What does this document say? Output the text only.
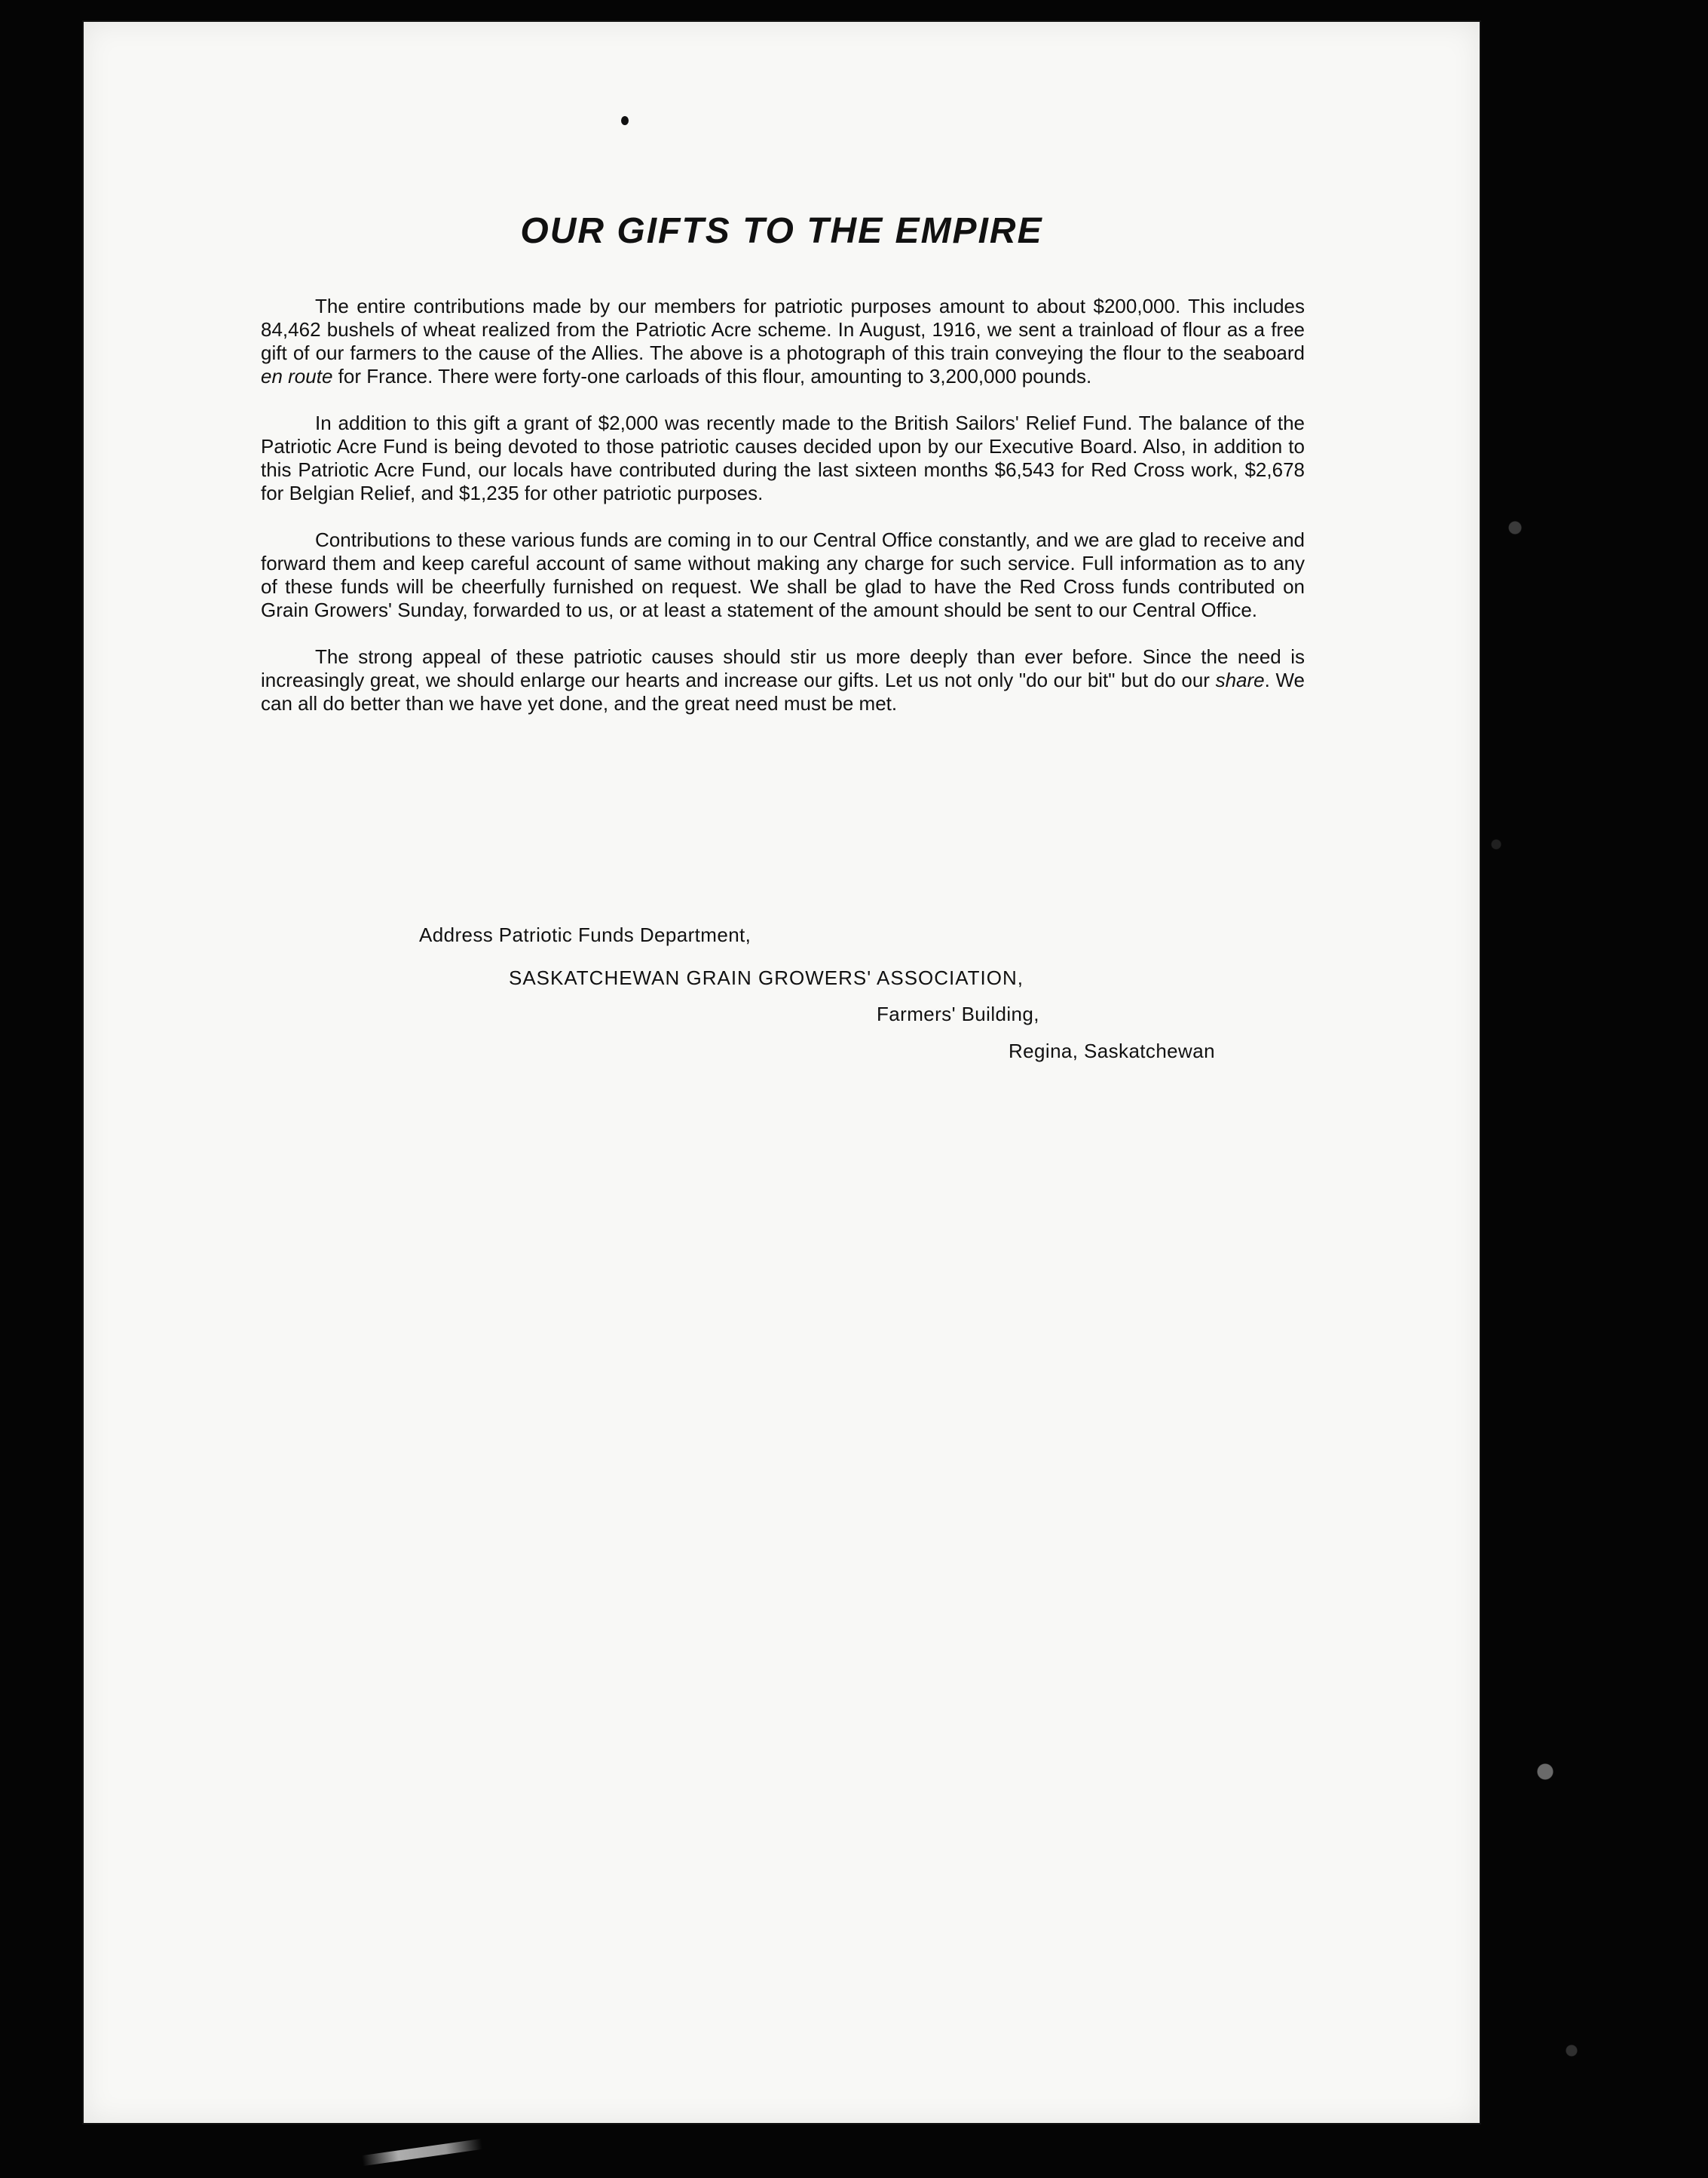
OUR GIFTS TO THE EMPIRE

The entire contributions made by our members for patriotic purposes amount to about $200,000. This includes 84,462 bushels of wheat realized from the Patriotic Acre scheme. In August, 1916, we sent a trainload of flour as a free gift of our farmers to the cause of the Allies. The above is a photograph of this train conveying the flour to the seaboard en route for France. There were forty-one carloads of this flour, amounting to 3,200,000 pounds.

In addition to this gift a grant of $2,000 was recently made to the British Sailors' Relief Fund. The balance of the Patriotic Acre Fund is being devoted to those patriotic causes decided upon by our Executive Board. Also, in addition to this Patriotic Acre Fund, our locals have contributed during the last sixteen months $6,543 for Red Cross work, $2,678 for Belgian Relief, and $1,235 for other patriotic purposes.

Contributions to these various funds are coming in to our Central Office constantly, and we are glad to receive and forward them and keep careful account of same without making any charge for such service. Full information as to any of these funds will be cheerfully furnished on request. We shall be glad to have the Red Cross funds contributed on Grain Growers' Sunday, forwarded to us, or at least a statement of the amount should be sent to our Central Office.

The strong appeal of these patriotic causes should stir us more deeply than ever before. Since the need is increasingly great, we should enlarge our hearts and increase our gifts. Let us not only "do our bit" but do our share. We can all do better than we have yet done, and the great need must be met.

Address Patriotic Funds Department,
SASKATCHEWAN GRAIN GROWERS' ASSOCIATION,
Farmers' Building,
Regina, Saskatchewan
